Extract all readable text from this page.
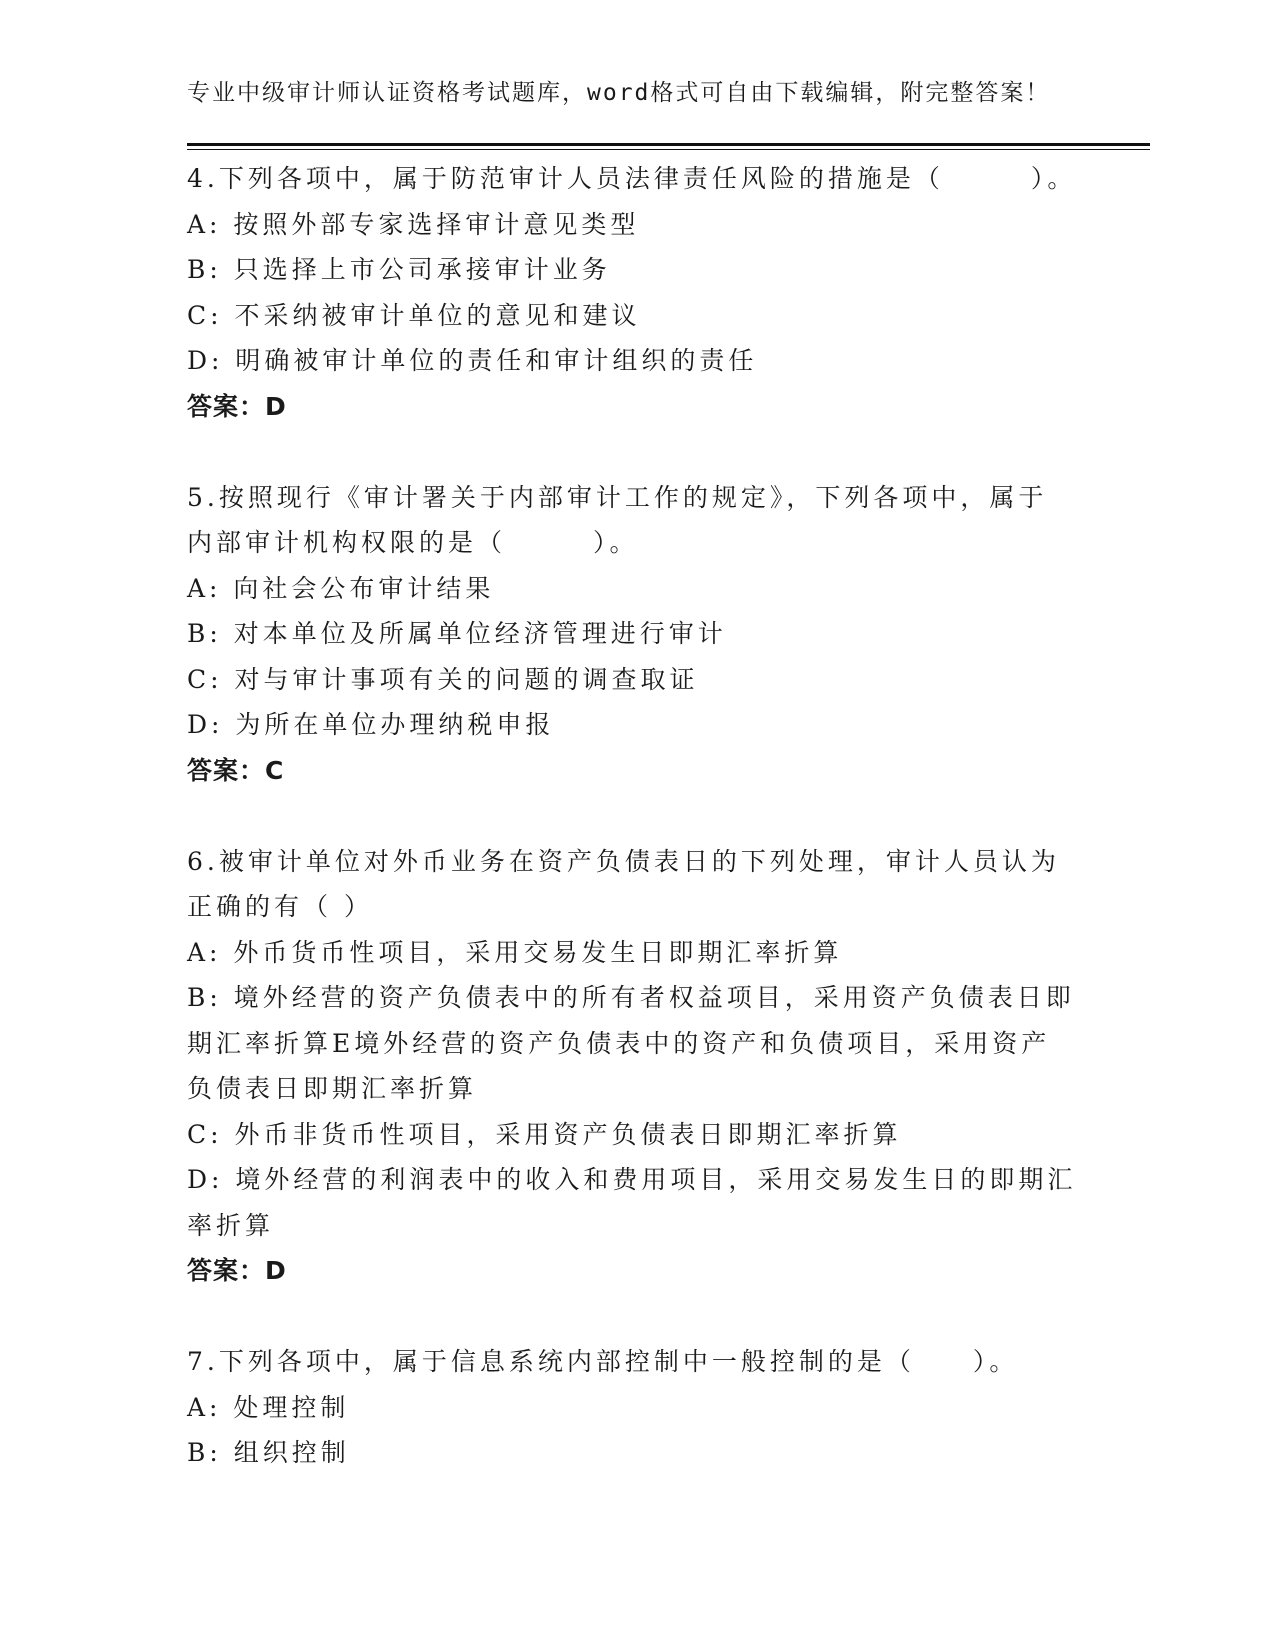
专业中级审计师认证资格考试题库，word格式可自由下载编辑，附完整答案！
4.下列各项中，属于防范审计人员法律责任风险的措施是（　　　）。
A: 按照外部专家选择审计意见类型
B: 只选择上市公司承接审计业务
C: 不采纳被审计单位的意见和建议
D: 明确被审计单位的责任和审计组织的责任
答案：D
5.按照现行《审计署关于内部审计工作的规定》，下列各项中，属于
内部审计机构权限的是（　　　）。
A: 向社会公布审计结果
B: 对本单位及所属单位经济管理进行审计
C: 对与审计事项有关的问题的调查取证
D: 为所在单位办理纳税申报
答案：C
6.被审计单位对外币业务在资产负债表日的下列处理，审计人员认为
正确的有（ ）
A: 外币货币性项目，采用交易发生日即期汇率折算
B: 境外经营的资产负债表中的所有者权益项目，采用资产负债表日即
期汇率折算E境外经营的资产负债表中的资产和负债项目，采用资产
负债表日即期汇率折算
C: 外币非货币性项目，采用资产负债表日即期汇率折算
D: 境外经营的利润表中的收入和费用项目，采用交易发生日的即期汇
率折算
答案：D
7.下列各项中，属于信息系统内部控制中一般控制的是（　　）。
A: 处理控制
B: 组织控制
